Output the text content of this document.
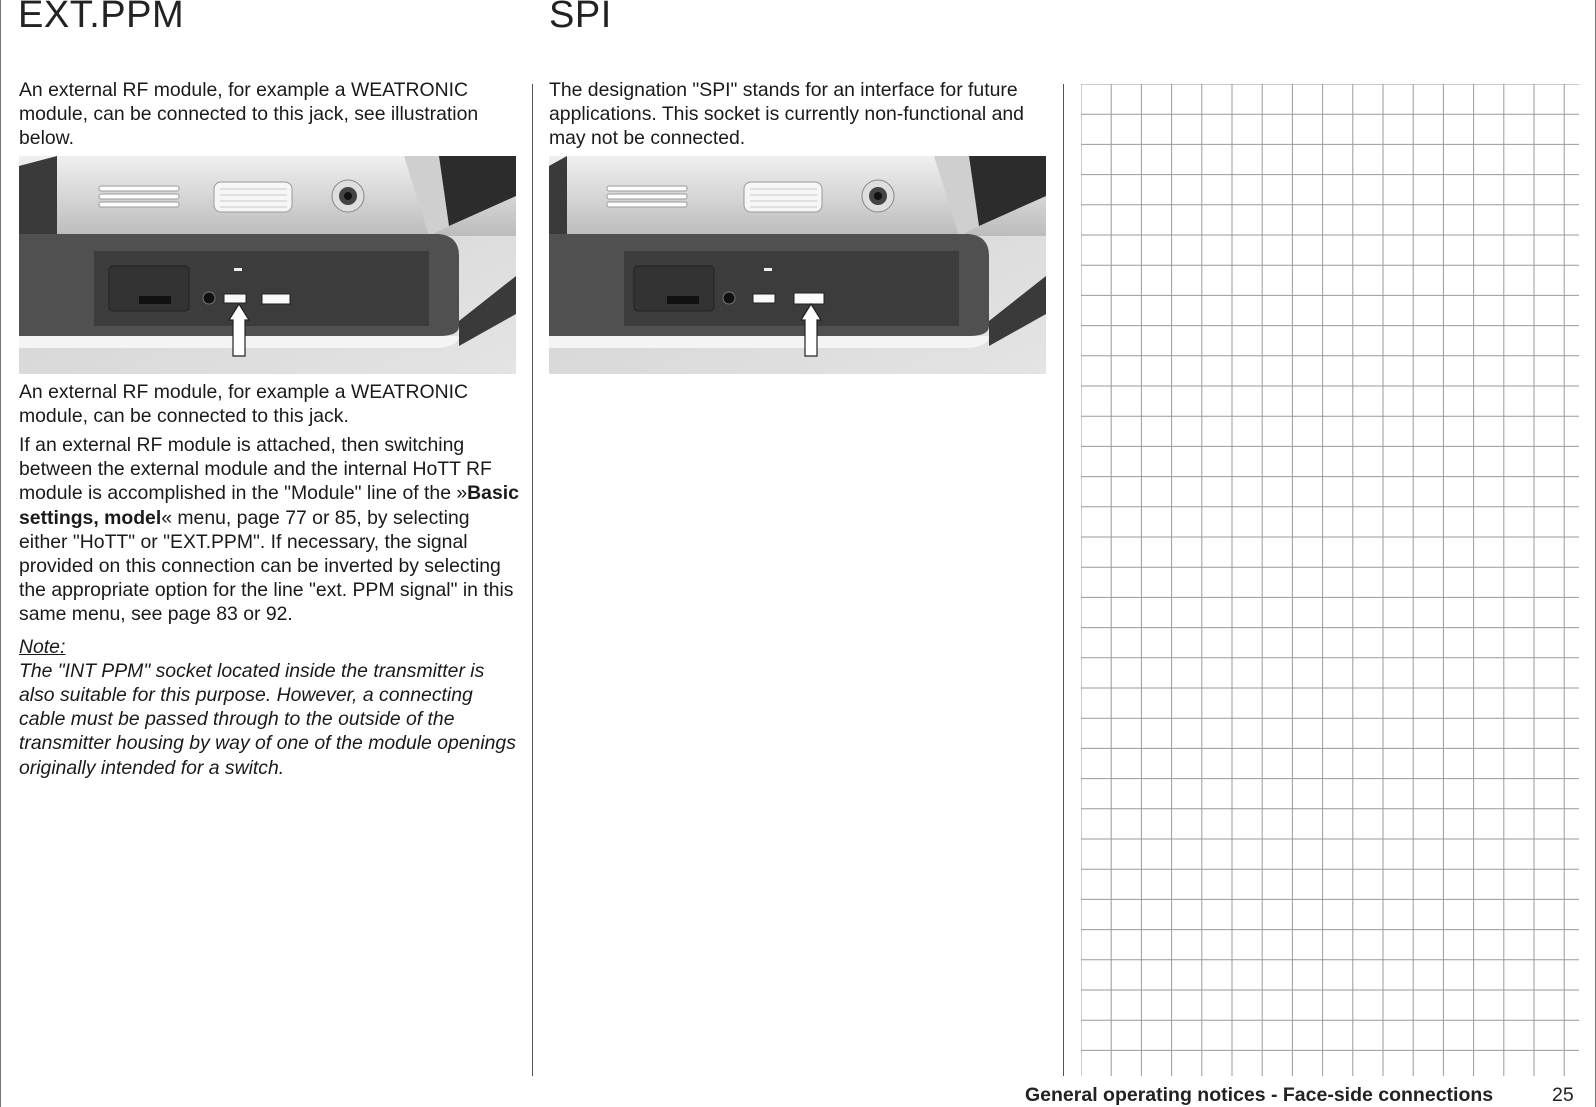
EXT.PPM	SPI

An external RF module, for example a WEATRONIC module, can be connected to this jack, see illustration below.

An external RF module, for example a WEATRONIC module, can be connected to this jack.

If an external RF module is attached, then switching between the external module and the internal HoTT RF module is accomplished in the "Module" line of the »Basic settings, model« menu, page 77 or 85, by selecting either "HoTT" or "EXT.PPM". If necessary, the signal provided on this connection can be inverted by selecting the appropriate option for the line "ext. PPM signal" in this same menu, see page 83 or 92.

Note:
The "INT PPM" socket located inside the transmitter is also suitable for this purpose. However, a connecting cable must be passed through to the outside of the transmitter housing by way of one of the module openings originally intended for a switch.

The designation "SPI" stands for an interface for future applications. This socket is currently non-functional and may not be connected.

General operating notices - Face-side connections	25
